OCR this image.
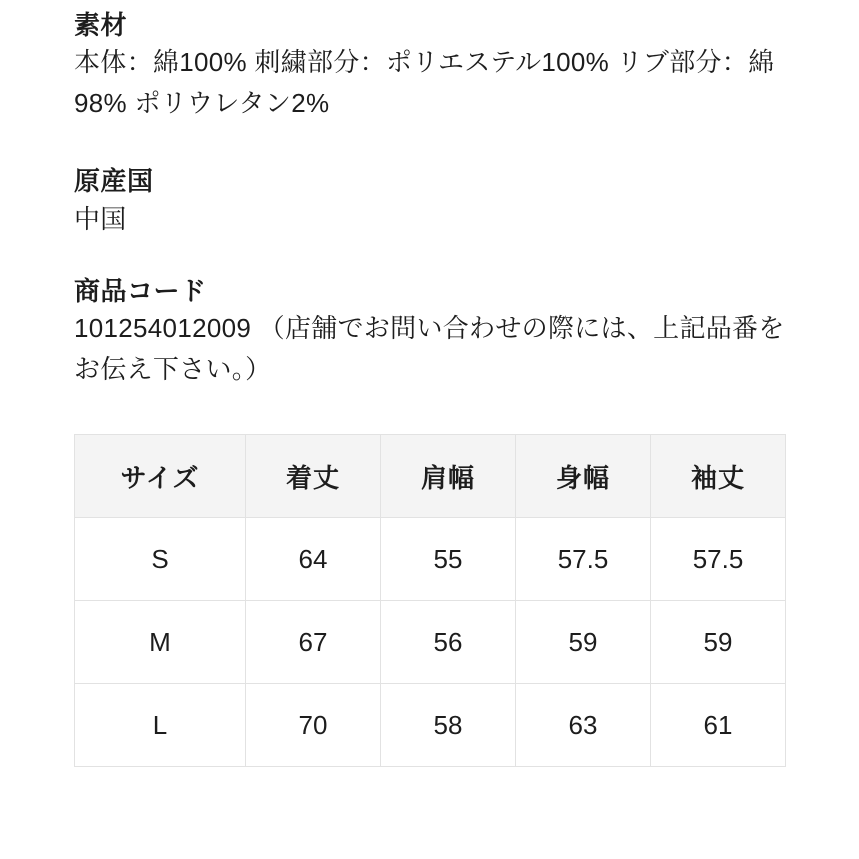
素材
本体：綿100% 刺繍部分：ポリエステル100% リブ部分：綿98% ポリウレタン2%
原産国
中国
商品コード
101254012009 （店舗でお問い合わせの際には、上記品番をお伝え下さい。）
サイズ	着丈	肩幅	身幅	袖丈
S	64	55	57.5	57.5
M	67	56	59	59
L	70	58	63	61
